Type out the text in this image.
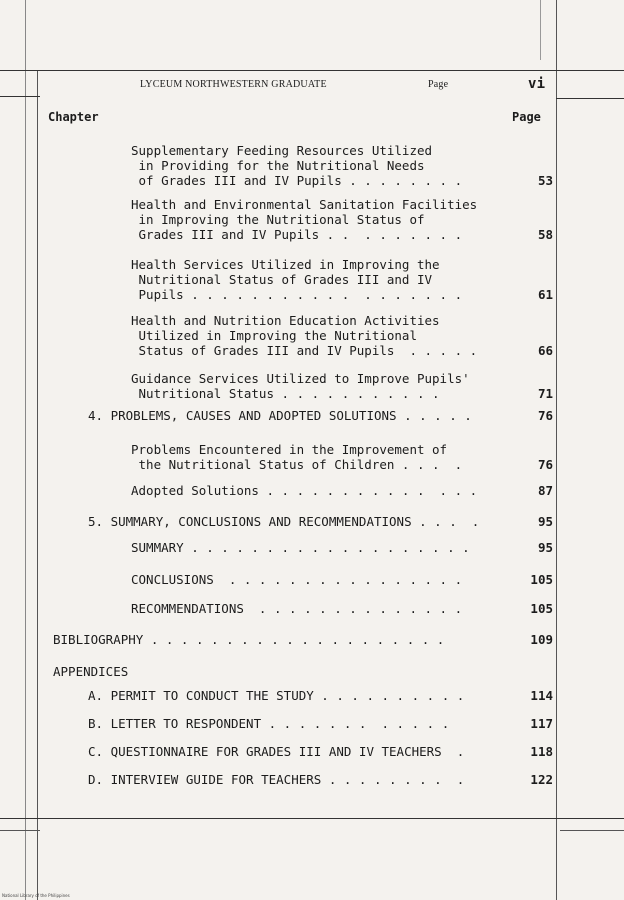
LYCEUM NORTHWESTERN GRADUATE	Page	vi
Chapter	Page
Supplementary Feeding Resources Utilized
in Providing for the Nutritional Needs
of Grades III and IV Pupils . . . . . . . .	53
Health and Environmental Sanitation Facilities
in Improving the Nutritional Status of
Grades III and IV Pupils . .  . . . . . . .	58
Health Services Utilized in Improving the
Nutritional Status of Grades III and IV
Pupils . . . . . . . . . . .  . . . . . . .	61
Health and Nutrition Education Activities
Utilized in Improving the Nutritional
Status of Grades III and IV Pupils  . . . . .	66
Guidance Services Utilized to Improve Pupils'
Nutritional Status . . . . . . . . . . .	71
4. PROBLEMS, CAUSES AND ADOPTED SOLUTIONS . . . . .	76
Problems Encountered in the Improvement of
the Nutritional Status of Children . . .  .	76
Adopted Solutions . . . . . . . . . . .  . . .	87
5. SUMMARY, CONCLUSIONS AND RECOMMENDATIONS . . .  .	95
SUMMARY . . . . . . . . . . . . . . . . . . .	95
CONCLUSIONS  . . . . . . . . . . . . . . . .	105
RECOMMENDATIONS  . . . . . . . . . . . . . .	105
BIBLIOGRAPHY . . . . . . . . . . . . . . . . . . . .	109
APPENDICES
A. PERMIT TO CONDUCT THE STUDY . . . . . . . . . .	114
B. LETTER TO RESPONDENT . . . . . . .  . . . . .	117
C. QUESTIONNAIRE FOR GRADES III AND IV TEACHERS  .	118
D. INTERVIEW GUIDE FOR TEACHERS . . . . . . . .  .	122
National Library of the Philippines
